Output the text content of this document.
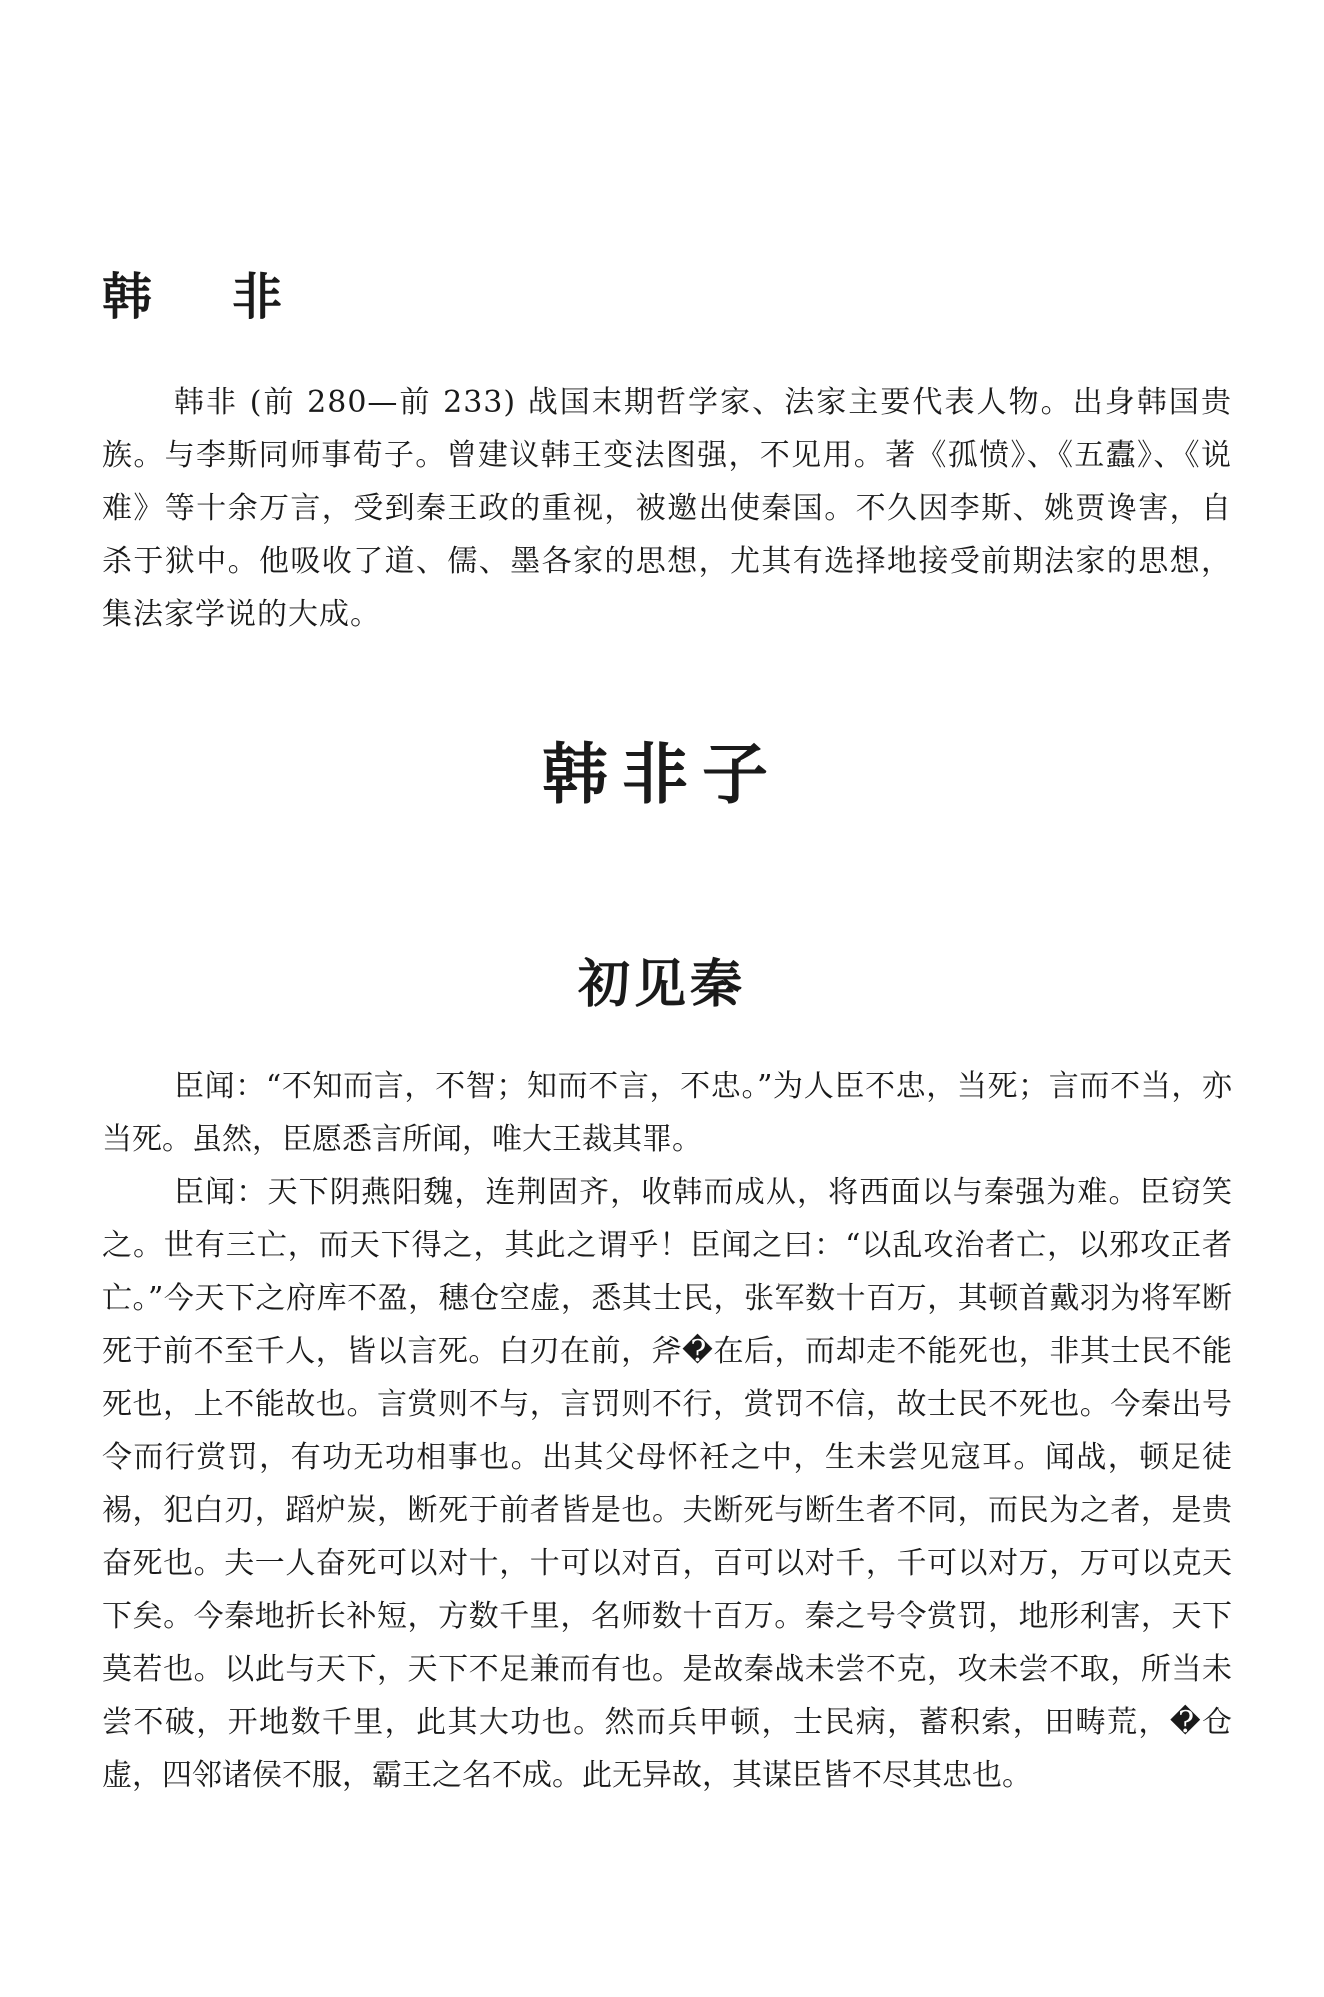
韩非

韩非 (前 280—前 233) 战国末期哲学家、法家主要代表人物。出身韩国贵族。与李斯同师事荀子。曾建议韩王变法图强，不见用。著《孤愤》、《五蠹》、《说难》等十余万言，受到秦王政的重视，被邀出使秦国。不久因李斯、姚贾谗害，自杀于狱中。他吸收了道、儒、墨各家的思想，尤其有选择地接受前期法家的思想，集法家学说的大成。

韩非子
初见秦

臣闻：“不知而言，不智；知而不言，不忠。”为人臣不忠，当死；言而不当，亦当死。虽然，臣愿悉言所闻，唯大王裁其罪。

臣闻：天下阴燕阳魏，连荆固齐，收韩而成从，将西面以与秦强为难。臣窃笑之。世有三亡，而天下得之，其此之谓乎！臣闻之曰：“以乱攻治者亡，以邪攻正者亡。”今天下之府库不盈，穗仓空虚，悉其士民，张军数十百万，其顿首戴羽为将军断死于前不至千人，皆以言死。白刃在前，斧�在后，而却走不能死也，非其士民不能死也，上不能故也。言赏则不与，言罚则不行，赏罚不信，故士民不死也。今秦出号令而行赏罚，有功无功相事也。出其父母怀衽之中，生未尝见寇耳。闻战，顿足徒裼，犯白刃，蹈炉炭，断死于前者皆是也。夫断死与断生者不同，而民为之者，是贵奋死也。夫一人奋死可以对十，十可以对百，百可以对千，千可以对万，万可以克天下矣。今秦地折长补短，方数千里，名师数十百万。秦之号令赏罚，地形利害，天下莫若也。以此与天下，天下不足兼而有也。是故秦战未尝不克，攻未尝不取，所当未尝不破，开地数千里，此其大功也。然而兵甲顿，士民病，蓄积索，田畴荒，�仓虚，四邻诸侯不服，霸王之名不成。此无异故，其谋臣皆不尽其忠也。
